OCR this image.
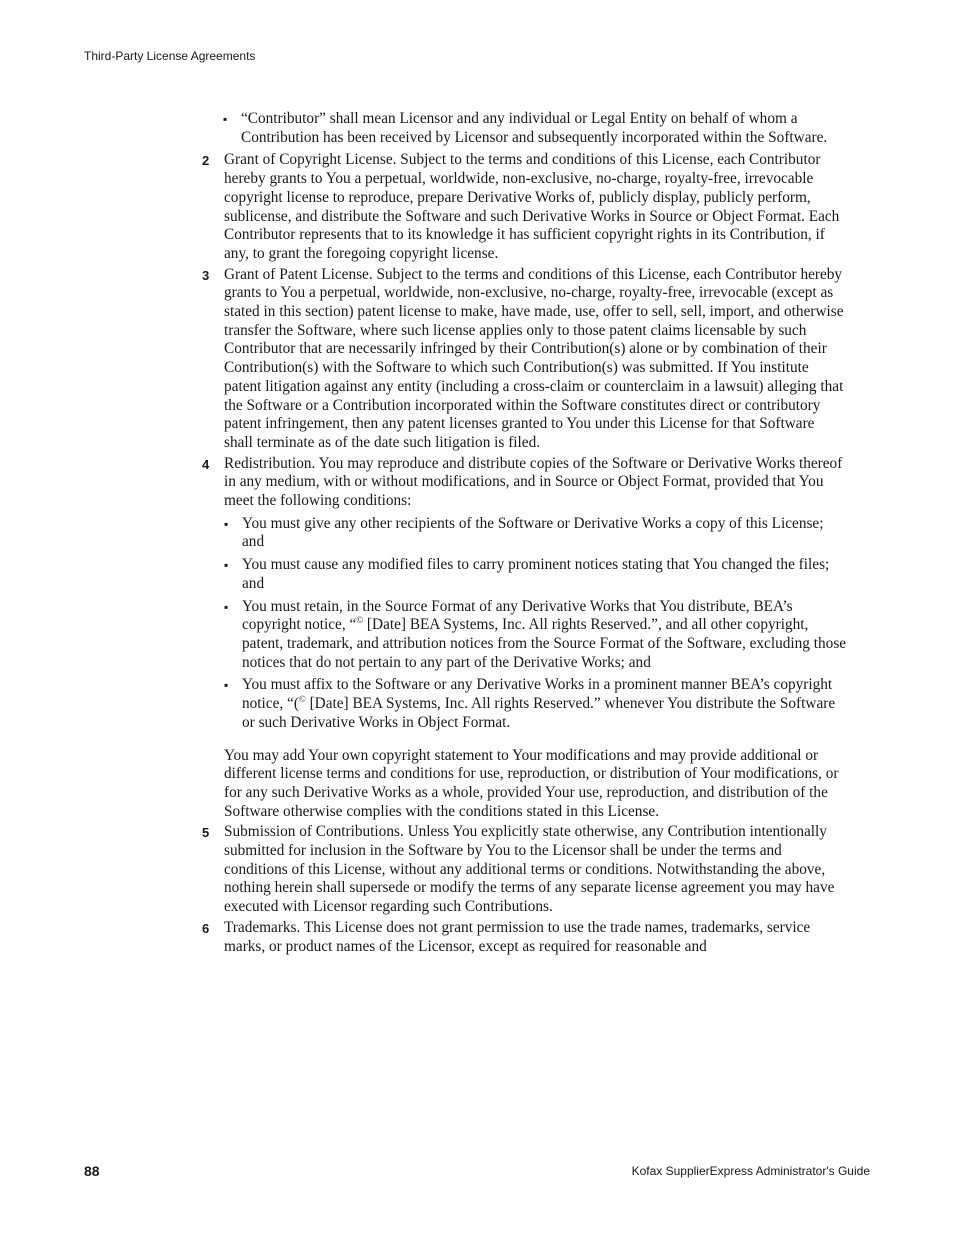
Third-Party License Agreements
▪ “Contributor” shall mean Licensor and any individual or Legal Entity on behalf of whom a Contribution has been received by Licensor and subsequently incorporated within the Software.
2 Grant of Copyright License. Subject to the terms and conditions of this License, each Contributor hereby grants to You a perpetual, worldwide, non-exclusive, no-charge, royalty-free, irrevocable copyright license to reproduce, prepare Derivative Works of, publicly display, publicly perform, sublicense, and distribute the Software and such Derivative Works in Source or Object Format. Each Contributor represents that to its knowledge it has sufficient copyright rights in its Contribution, if any, to grant the foregoing copyright license.
3 Grant of Patent License. Subject to the terms and conditions of this License, each Contributor hereby grants to You a perpetual, worldwide, non-exclusive, no-charge, royalty-free, irrevocable (except as stated in this section) patent license to make, have made, use, offer to sell, sell, import, and otherwise transfer the Software, where such license applies only to those patent claims licensable by such Contributor that are necessarily infringed by their Contribution(s) alone or by combination of their Contribution(s) with the Software to which such Contribution(s) was submitted. If You institute patent litigation against any entity (including a cross-claim or counterclaim in a lawsuit) alleging that the Software or a Contribution incorporated within the Software constitutes direct or contributory patent infringement, then any patent licenses granted to You under this License for that Software shall terminate as of the date such litigation is filed.
4 Redistribution. You may reproduce and distribute copies of the Software or Derivative Works thereof in any medium, with or without modifications, and in Source or Object Format, provided that You meet the following conditions:
▪ You must give any other recipients of the Software or Derivative Works a copy of this License; and
▪ You must cause any modified files to carry prominent notices stating that You changed the files; and
▪ You must retain, in the Source Format of any Derivative Works that You distribute, BEA’s copyright notice, “© [Date] BEA Systems, Inc. All rights Reserved.”, and all other copyright, patent, trademark, and attribution notices from the Source Format of the Software, excluding those notices that do not pertain to any part of the Derivative Works; and
▪ You must affix to the Software or any Derivative Works in a prominent manner BEA’s copyright notice, “(© [Date] BEA Systems, Inc. All rights Reserved.” whenever You distribute the Software or such Derivative Works in Object Format.
You may add Your own copyright statement to Your modifications and may provide additional or different license terms and conditions for use, reproduction, or distribution of Your modifications, or for any such Derivative Works as a whole, provided Your use, reproduction, and distribution of the Software otherwise complies with the conditions stated in this License.
5 Submission of Contributions. Unless You explicitly state otherwise, any Contribution intentionally submitted for inclusion in the Software by You to the Licensor shall be under the terms and conditions of this License, without any additional terms or conditions. Notwithstanding the above, nothing herein shall supersede or modify the terms of any separate license agreement you may have executed with Licensor regarding such Contributions.
6 Trademarks. This License does not grant permission to use the trade names, trademarks, service marks, or product names of the Licensor, except as required for reasonable and
88	Kofax SupplierExpress Administrator's Guide
